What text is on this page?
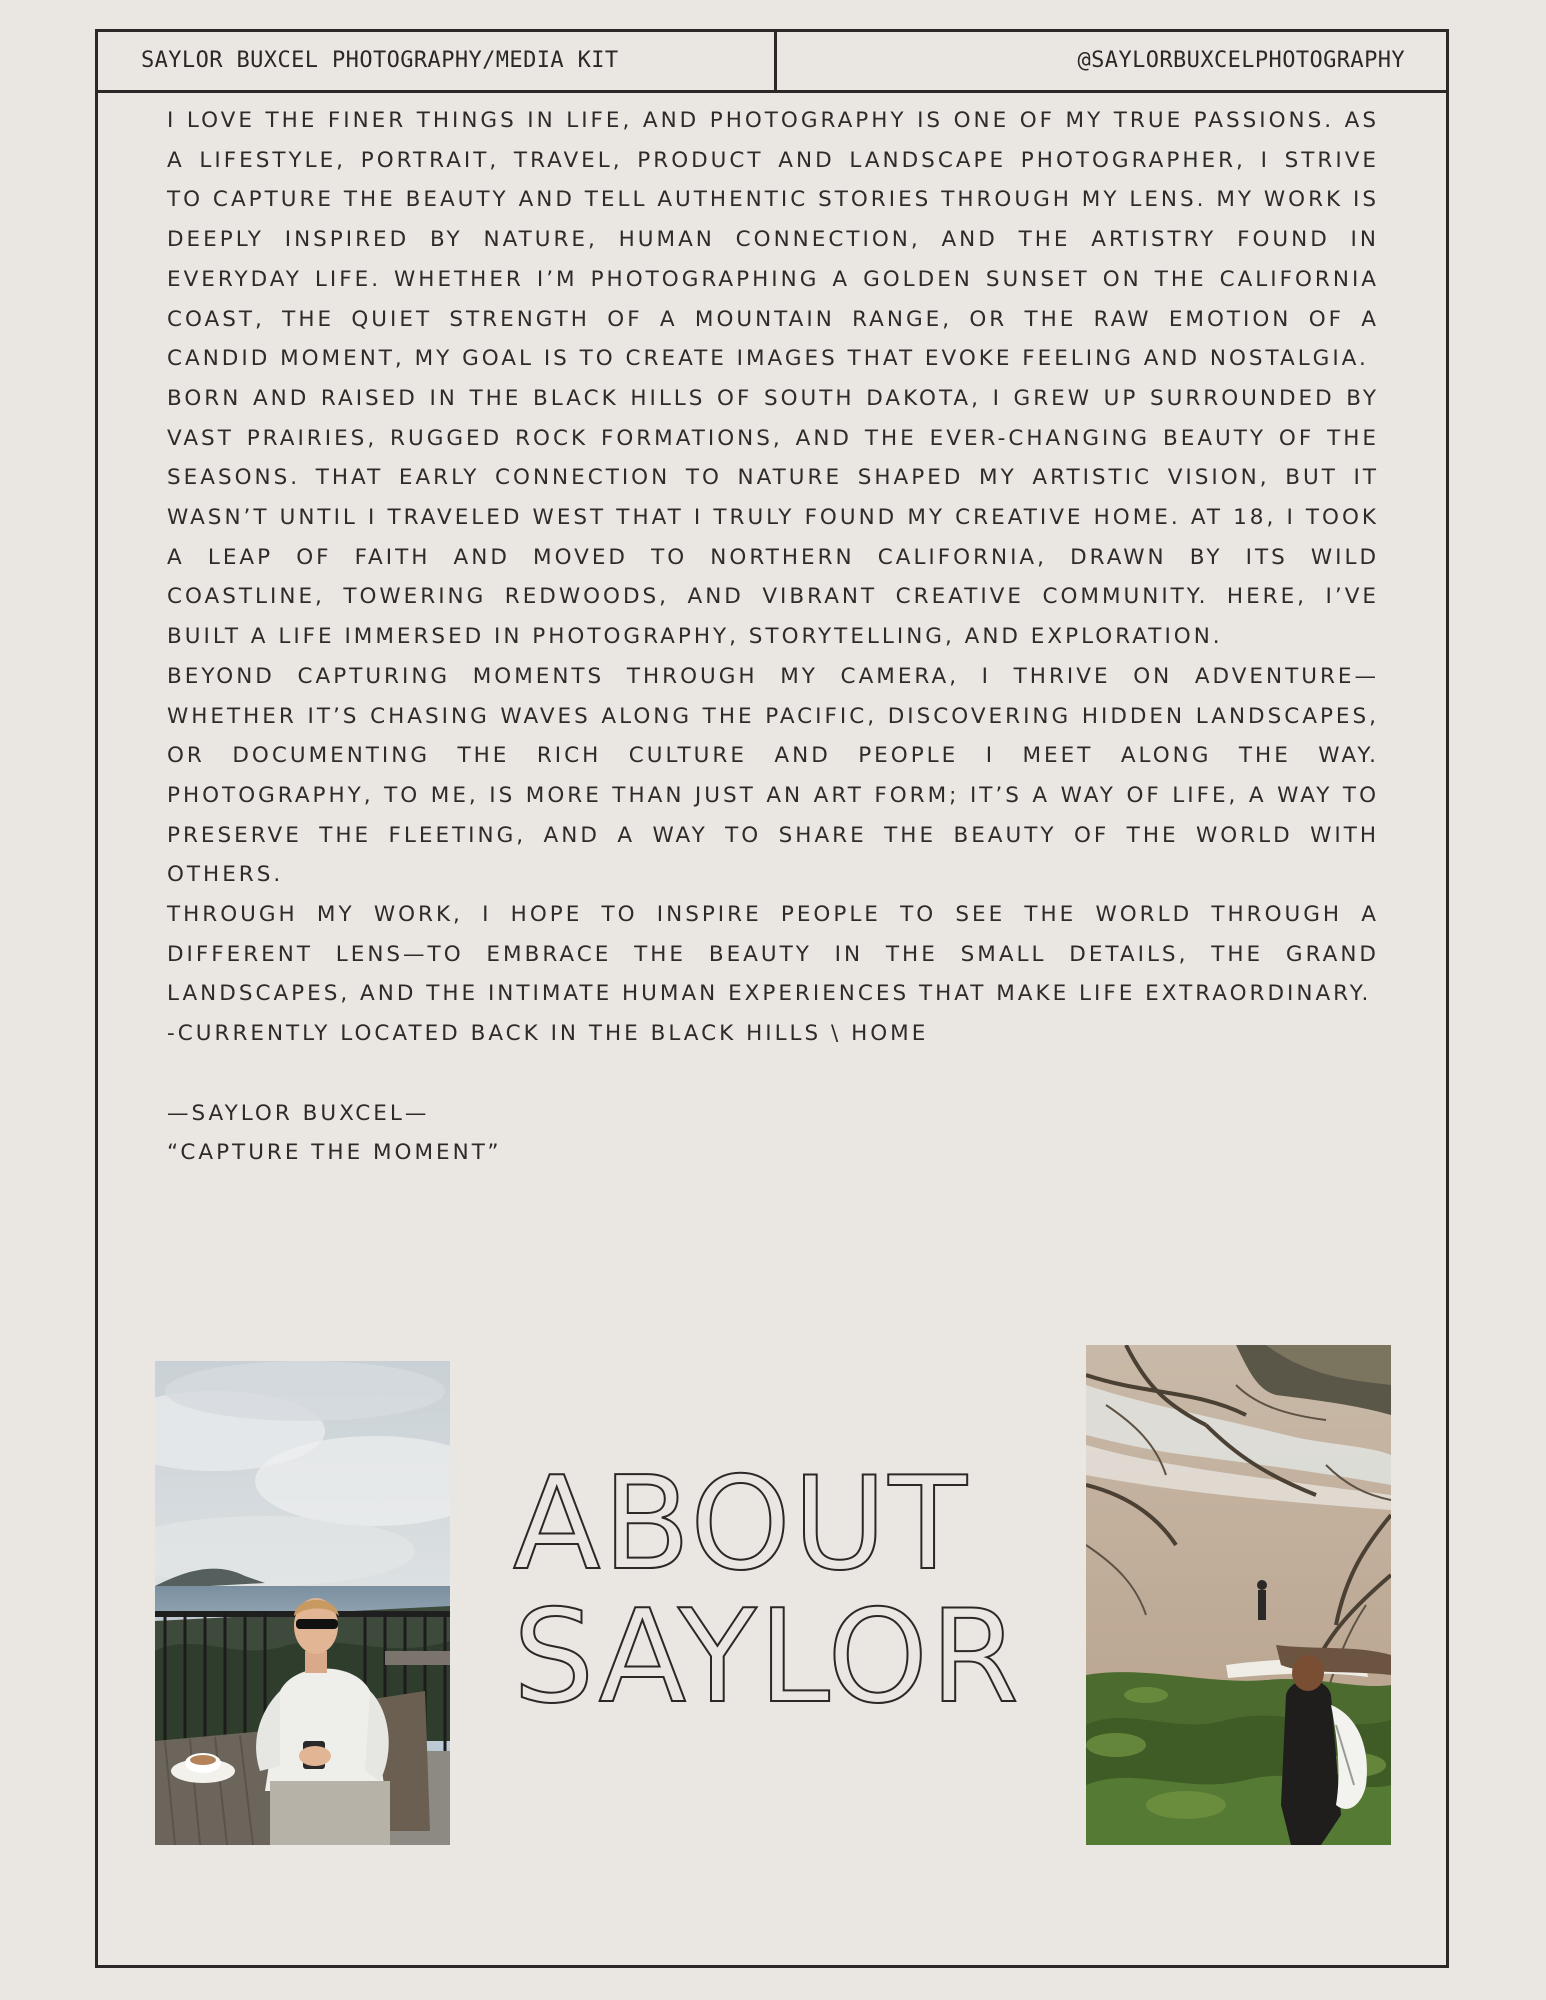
SAYLOR BUXCEL PHOTOGRAPHY/MEDIA KIT	@SAYLORBUXCELPHOTOGRAPHY

I LOVE THE FINER THINGS IN LIFE, AND PHOTOGRAPHY IS ONE OF MY TRUE PASSIONS. AS A LIFESTYLE, PORTRAIT, TRAVEL, PRODUCT AND LANDSCAPE PHOTOGRAPHER, I STRIVE TO CAPTURE THE BEAUTY AND TELL AUTHENTIC STORIES THROUGH MY LENS. MY WORK IS DEEPLY INSPIRED BY NATURE, HUMAN CONNECTION, AND THE ARTISTRY FOUND IN EVERYDAY LIFE. WHETHER I’M PHOTOGRAPHING A GOLDEN SUNSET ON THE CALIFORNIA COAST, THE QUIET STRENGTH OF A MOUNTAIN RANGE, OR THE RAW EMOTION OF A CANDID MOMENT, MY GOAL IS TO CREATE IMAGES THAT EVOKE FEELING AND NOSTALGIA.

BORN AND RAISED IN THE BLACK HILLS OF SOUTH DAKOTA, I GREW UP SURROUNDED BY VAST PRAIRIES, RUGGED ROCK FORMATIONS, AND THE EVER-CHANGING BEAUTY OF THE SEASONS. THAT EARLY CONNECTION TO NATURE SHAPED MY ARTISTIC VISION, BUT IT WASN’T UNTIL I TRAVELED WEST THAT I TRULY FOUND MY CREATIVE HOME. AT 18, I TOOK A LEAP OF FAITH AND MOVED TO NORTHERN CALIFORNIA, DRAWN BY ITS WILD COASTLINE, TOWERING REDWOODS, AND VIBRANT CREATIVE COMMUNITY. HERE, I’VE BUILT A LIFE IMMERSED IN PHOTOGRAPHY, STORYTELLING, AND EXPLORATION.

BEYOND CAPTURING MOMENTS THROUGH MY CAMERA, I THRIVE ON ADVENTURE—WHETHER IT’S CHASING WAVES ALONG THE PACIFIC, DISCOVERING HIDDEN LANDSCAPES, OR DOCUMENTING THE RICH CULTURE AND PEOPLE I MEET ALONG THE WAY. PHOTOGRAPHY, TO ME, IS MORE THAN JUST AN ART FORM; IT’S A WAY OF LIFE, A WAY TO PRESERVE THE FLEETING, AND A WAY TO SHARE THE BEAUTY OF THE WORLD WITH OTHERS.

THROUGH MY WORK, I HOPE TO INSPIRE PEOPLE TO SEE THE WORLD THROUGH A DIFFERENT LENS—TO EMBRACE THE BEAUTY IN THE SMALL DETAILS, THE GRAND LANDSCAPES, AND THE INTIMATE HUMAN EXPERIENCES THAT MAKE LIFE EXTRAORDINARY.

-CURRENTLY LOCATED BACK IN THE BLACK HILLS \ HOME

—SAYLOR BUXCEL—

“CAPTURE THE MOMENT”

ABOUT
SAYLOR
